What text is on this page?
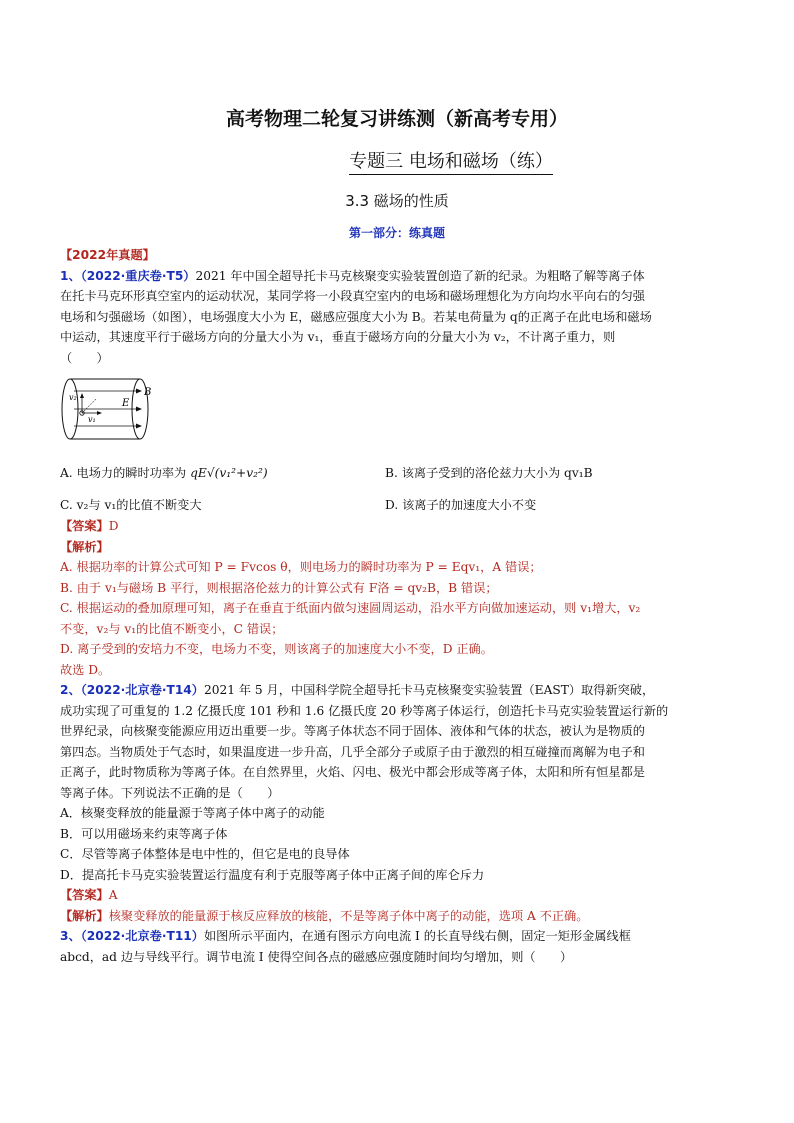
高考物理二轮复习讲练测（新高考专用）
专题三 电场和磁场（练）
3.3 磁场的性质
第一部分：练真题
【2022年真题】
1、（2022·重庆卷·T5）2021 年中国全超导托卡马克核聚变实验装置创造了新的纪录。为粗略了解等离子体
在托卡马克环形真空室内的运动状况，某同学将一小段真空室内的电场和磁场理想化为方向均水平向右的匀强
电场和匀强磁场（如图），电场强度大小为 E，磁感应强度大小为 B。若某电荷量为 q的正离子在此电场和磁场
中运动，其速度平行于磁场方向的分量大小为 v₁，垂直于磁场方向的分量大小为 v₂，不计离子重力，则
（　　）
B
E
v₂
v₁
A. 电场力的瞬时功率为 qE√(v₁²+v₂²)	B. 该离子受到的洛伦兹力大小为 qv₁B
C. v₂与 v₁的比值不断变大	D. 该离子的加速度大小不变
【答案】D
【解析】
A. 根据功率的计算公式可知 P = Fvcos θ，则电场力的瞬时功率为 P = Eqv₁，A 错误；
B. 由于 v₁与磁场 B 平行，则根据洛伦兹力的计算公式有 F洛 = qv₂B，B 错误；
C. 根据运动的叠加原理可知，离子在垂直于纸面内做匀速圆周运动，沿水平方向做加速运动，则 v₁增大，v₂
不变，v₂与 v₁的比值不断变小，C 错误；
D. 离子受到的安培力不变，电场力不变，则该离子的加速度大小不变，D 正确。
故选 D。
2、（2022·北京卷·T14）2021 年 5 月，中国科学院全超导托卡马克核聚变实验装置（EAST）取得新突破，
成功实现了可重复的 1.2 亿摄氏度 101 秒和 1.6 亿摄氏度 20 秒等离子体运行，创造托卡马克实验装置运行新的
世界纪录，向核聚变能源应用迈出重要一步。等离子体状态不同于固体、液体和气体的状态，被认为是物质的
第四态。当物质处于气态时，如果温度进一步升高，几乎全部分子或原子由于激烈的相互碰撞而离解为电子和
正离子，此时物质称为等离子体。在自然界里，火焰、闪电、极光中都会形成等离子体，太阳和所有恒星都是
等离子体。下列说法不正确的是（　　）
A．核聚变释放的能量源于等离子体中离子的动能
B．可以用磁场来约束等离子体
C．尽管等离子体整体是电中性的，但它是电的良导体
D．提高托卡马克实验装置运行温度有利于克服等离子体中正离子间的库仑斥力
【答案】A
【解析】核聚变释放的能量源于核反应释放的核能，不是等离子体中离子的动能，选项 A 不正确。
3、（2022·北京卷·T11）如图所示平面内，在通有图示方向电流 I 的长直导线右侧，固定一矩形金属线框
abcd，ad 边与导线平行。调节电流 I 使得空间各点的磁感应强度随时间均匀增加，则（　　）
